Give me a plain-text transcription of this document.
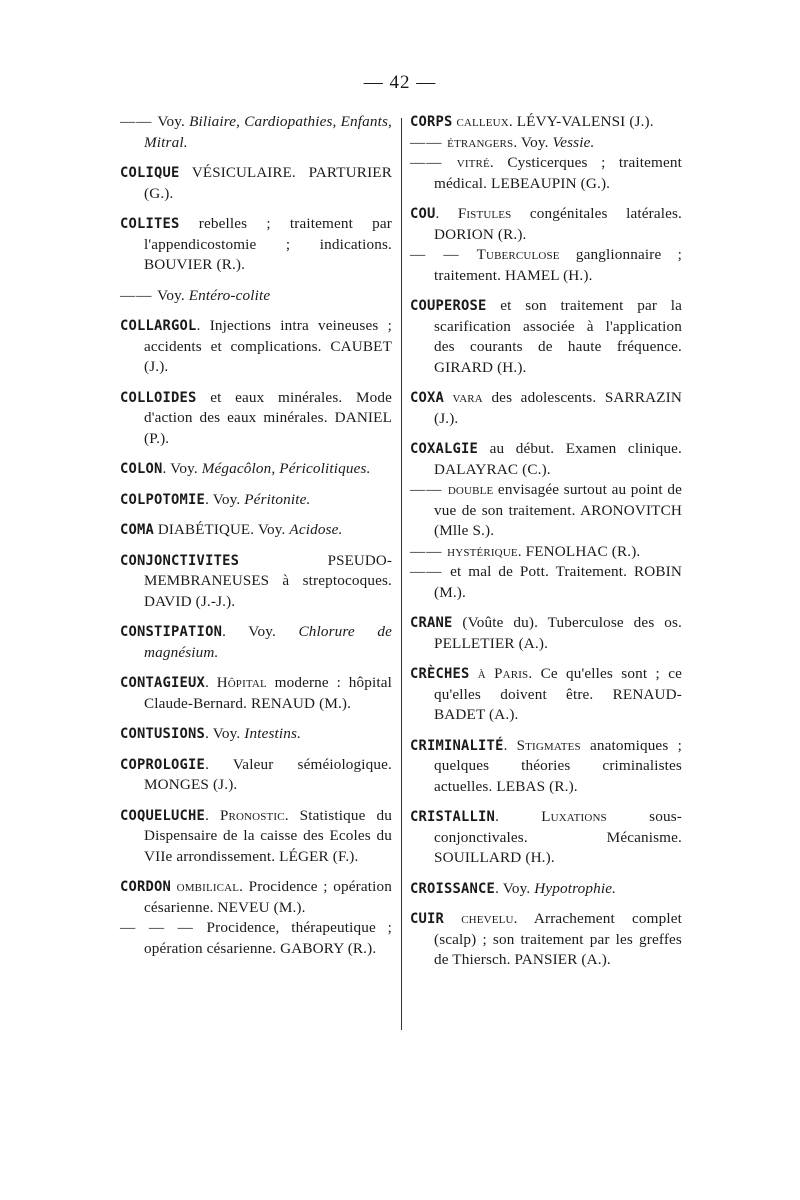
— 42 —
—— Voy. Biliaire, Cardiopathies, Enfants, Mitral.
COLIQUE VÉSICULAIRE. PARTURIER (G.).
COLITES rebelles ; traitement par l'appendicostomie ; indications. BOUVIER (R.).
—— Voy. Entéro-colite
COLLARGOL. Injections intra veineuses ; accidents et complications. CAUBET (J.).
COLLOIDES et eaux minérales. Mode d'action des eaux minérales. DANIEL (P.).
COLON. Voy. Mégacôlon, Péricolitiques.
COLPOTOMIE. Voy. Péritonite.
COMA DIABÉTIQUE. Voy. Acidose.
CONJONCTIVITES PSEUDO-MEMBRANEUSES à streptocoques. DAVID (J.-J.).
CONSTIPATION. Voy. Chlorure de magnésium.
CONTAGIEUX. Hôpital moderne : hôpital Claude-Bernard. RENAUD (M.).
CONTUSIONS. Voy. Intestins.
COPROLOGIE. Valeur séméiologique. MONGES (J.).
COQUELUCHE. Pronostic. Statistique du Dispensaire de la caisse des Ecoles du VIIe arrondissement. LÉGER (F.).
CORDON ombilical. Procidence ; opération césarienne. NEVEU (M.).
— — — Procidence, thérapeutique ; opération césarienne. GABORY (R.).
CORPS calleux. LÉVY-VALENSI (J.).
—— étrangers. Voy. Vessie.
—— vitré. Cysticerques ; traitement médical. LEBEAUPIN (G.).
COU. Fistules congénitales latérales. DORION (R.).
— — Tuberculose ganglionnaire ; traitement. HAMEL (H.).
COUPEROSE et son traitement par la scarification associée à l'application des courants de haute fréquence. GIRARD (H.).
COXA vara des adolescents. SARRAZIN (J.).
COXALGIE au début. Examen clinique. DALAYRAC (C.).
—— double envisagée surtout au point de vue de son traitement. ARONOVITCH (Mlle S.).
—— hystérique. FENOLHAC (R.).
—— et mal de Pott. Traitement. ROBIN (M.).
CRANE (Voûte du). Tuberculose des os. PELLETIER (A.).
CRÈCHES à Paris. Ce qu'elles sont ; ce qu'elles doivent être. RENAUD-BADET (A.).
CRIMINALITÉ. Stigmates anatomiques ; quelques théories criminalistes actuelles. LEBAS (R.).
CRISTALLIN. Luxations sous-conjonctivales. Mécanisme. SOUILLARD (H.).
CROISSANCE. Voy. Hypotrophie.
CUIR chevelu. Arrachement complet (scalp) ; son traitement par les greffes de Thiersch. PANSIER (A.).
